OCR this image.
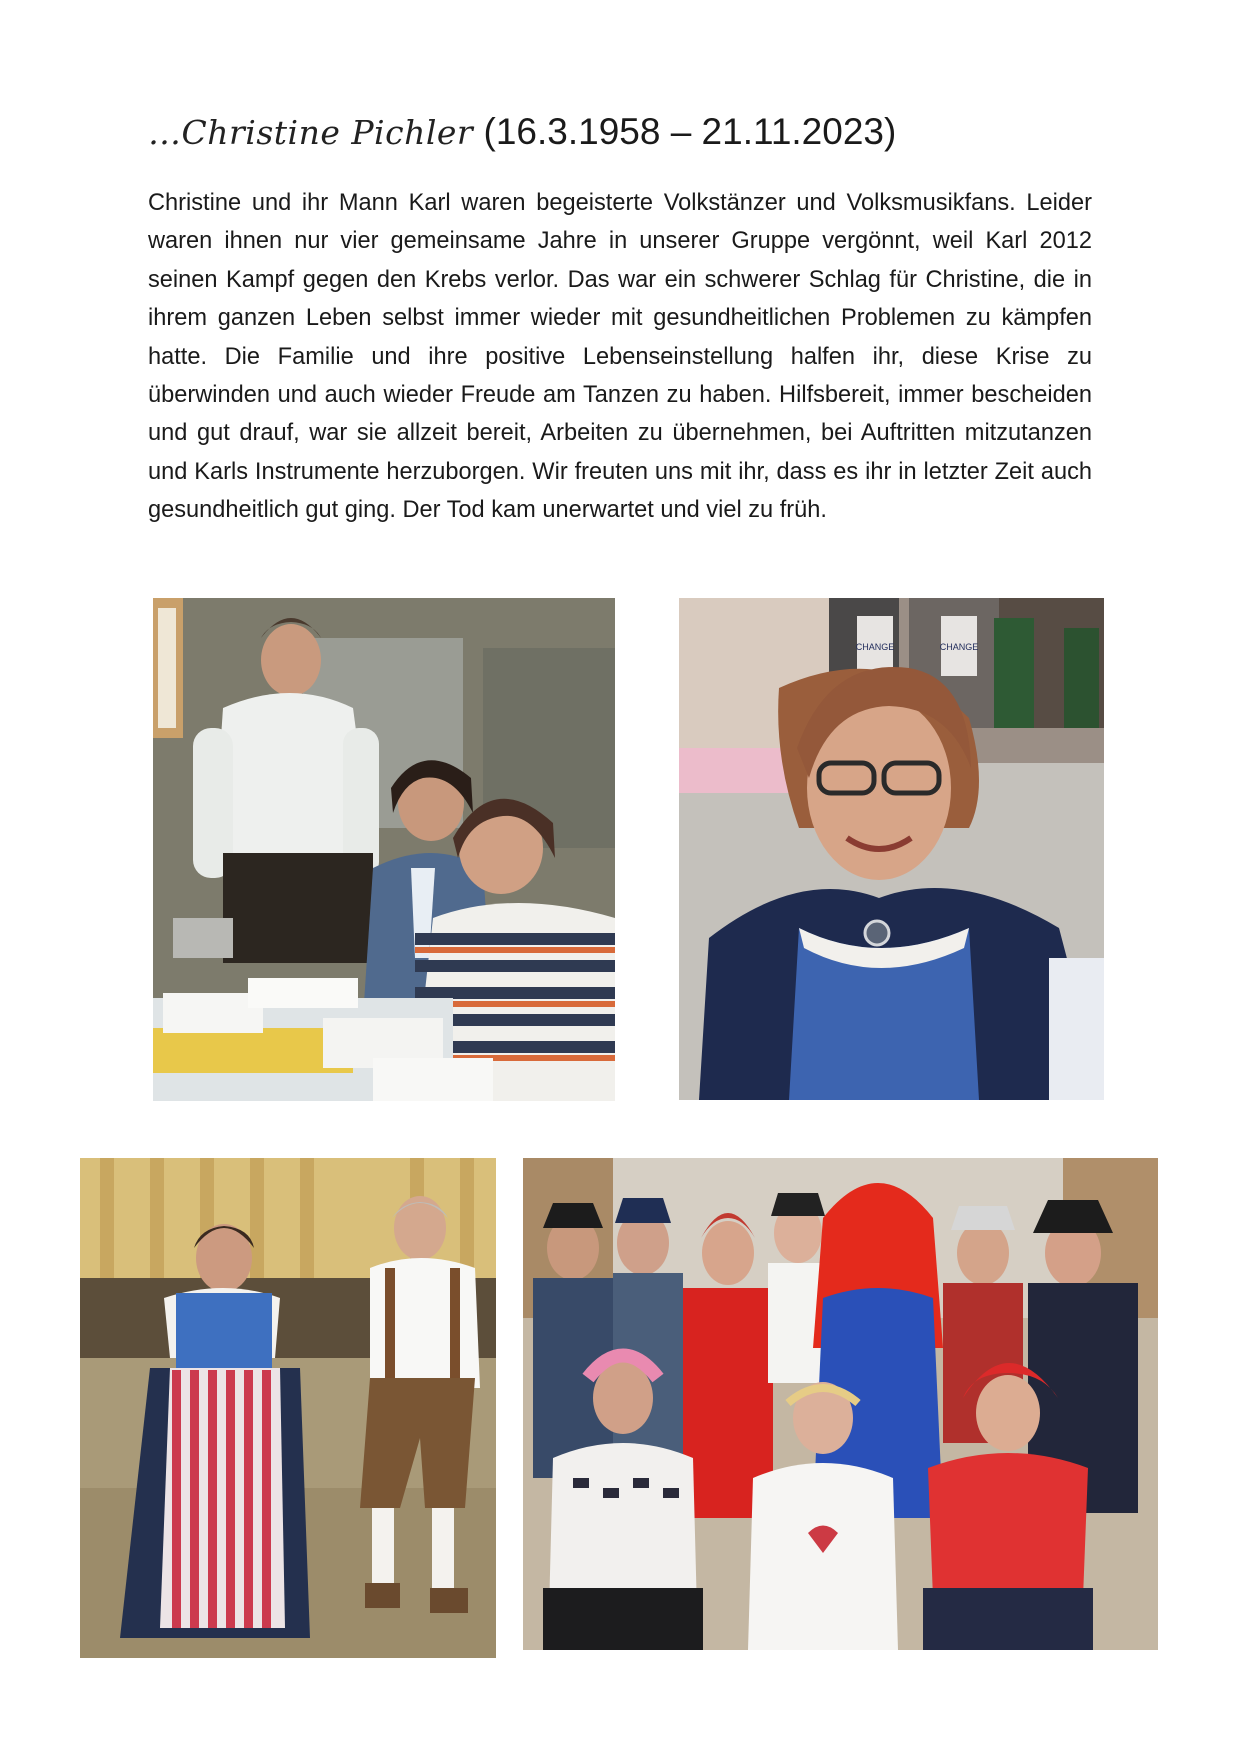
…Christine Pichler (16.3.1958 – 21.11.2023)
Christine und ihr Mann Karl waren begeisterte Volkstänzer und Volksmusikfans. Leider waren ihnen nur vier gemeinsame Jahre in unserer Gruppe vergönnt, weil Karl 2012 seinen Kampf gegen den Krebs verlor. Das war ein schwerer Schlag für Christine, die in ihrem ganzen Leben selbst immer wieder mit gesundheitlichen Problemen zu kämpfen hatte. Die Familie und ihre positive Lebenseinstellung halfen ihr, diese Krise zu überwinden und auch wieder Freude am Tanzen zu haben. Hilfsbereit, immer bescheiden und gut drauf, war sie allzeit bereit, Arbeiten zu übernehmen, bei Auftritten mitzutanzen und Karls Instrumente herzuborgen. Wir freuten uns mit ihr, dass es ihr in letzter Zeit auch gesundheitlich gut ging. Der Tod kam unerwartet und viel zu früh.
CHANGE	CHANGE
